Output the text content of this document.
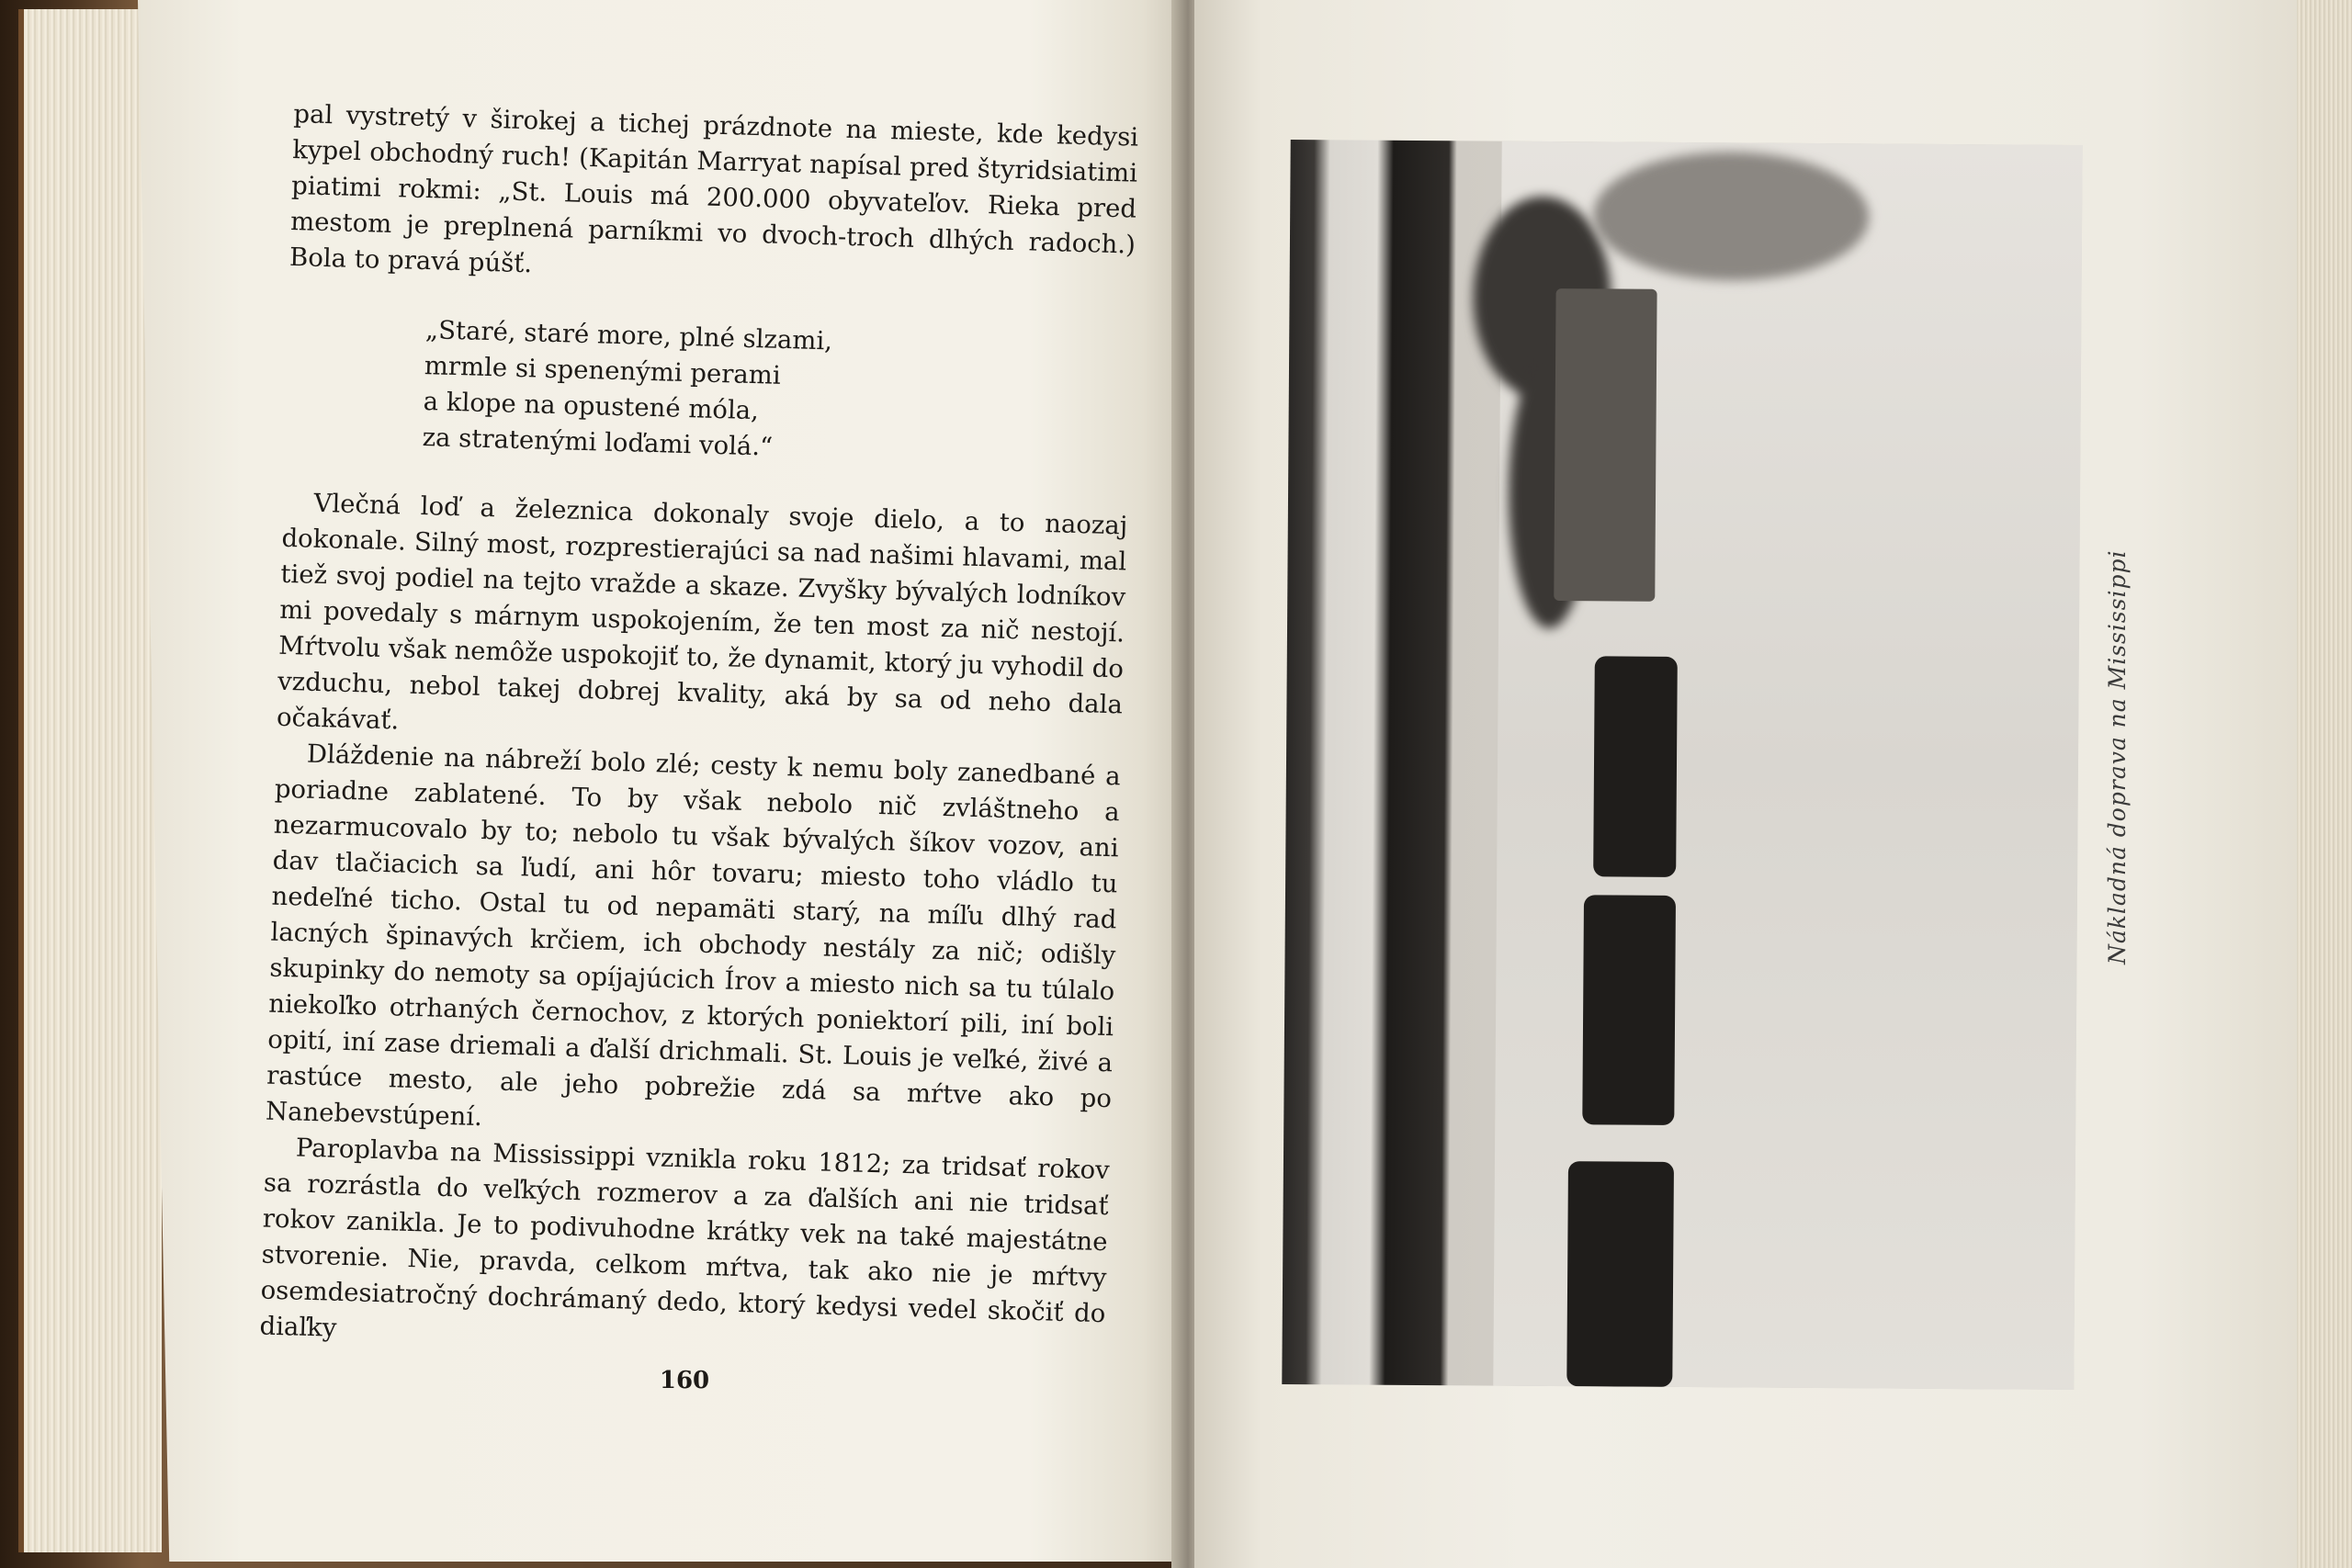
pal vystretý v širokej a tichej prázdnote na mieste, kde kedysi kypel obchodný ruch! (Kapitán Marryat napísal pred štyridsiatimi piatimi rokmi: „St. Louis má 200.000 obyvateľov. Rieka pred mestom je preplnená parníkmi vo dvoch-troch dlhých radoch.) Bola to pravá púšť.

„Staré, staré more, plné slzami,
mrmle si spenenými perami
a klope na opustené móla,
za stratenými loďami volá.“

Vlečná loď a železnica dokonaly svoje dielo, a to naozaj dokonale. Silný most, rozprestierajúci sa nad našimi hlavami, mal tiež svoj podiel na tejto vražde a skaze. Zvyšky bývalých lodníkov mi povedaly s márnym uspokojením, že ten most za nič nestojí. Mŕtvolu však nemôže uspokojiť to, že dynamit, ktorý ju vyhodil do vzduchu, nebol takej dobrej kvality, aká by sa od neho dala očakávať.

Dláždenie na nábreží bolo zlé; cesty k nemu boly zanedbané a poriadne zablatené. To by však nebolo nič zvláštneho a nezarmucovalo by to; nebolo tu však bývalých šíkov vozov, ani dav tlačiacich sa ľudí, ani hôr tovaru; miesto toho vládlo tu nedeľné ticho. Ostal tu od nepamäti starý, na míľu dlhý rad lacných špinavých krčiem, ich obchody nestály za nič; odišly skupinky do nemoty sa opíjajúcich Írov a miesto nich sa tu túlalo niekoľko otrhaných černochov, z ktorých poniektorí pili, iní boli opití, iní zase driemali a ďalší drichmali. St. Louis je veľké, živé a rastúce mesto, ale jeho pobrežie zdá sa mŕtve ako po Nanebevstúpení.

Paroplavba na Mississippi vznikla roku 1812; za tridsať rokov sa rozrástla do veľkých rozmerov a za ďalších ani nie tridsať rokov zanikla. Je to podivuhodne krátky vek na také majestátne stvorenie. Nie, pravda, celkom mŕtva, tak ako nie je mŕtvy osemdesiatročný dochrámaný dedo, ktorý kedysi vedel skočiť do diaľky

160
Nákladná doprava na Mississippi
